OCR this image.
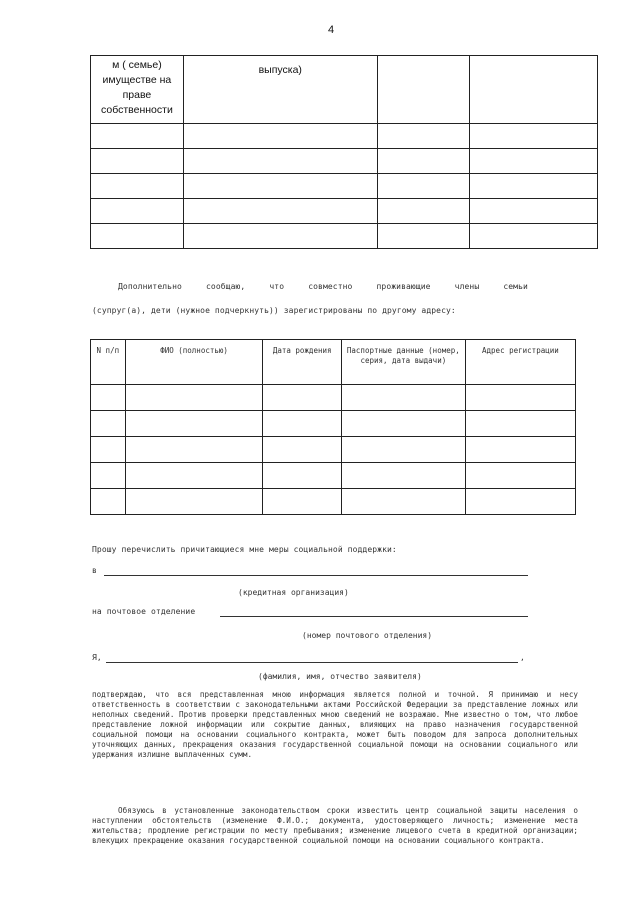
4
м ( семье) имуществе на праве собственности	выпуска)		

Дополнительно	сообщаю,	что	совместно	проживающие	члены	семьи
(супруг(а), дети (нужное подчеркнуть)) зарегистрированы по другому адресу:
N п/п	ФИО (полностью)	Дата рождения	Паспортные данные (номер, серия, дата выдачи)	Адрес регистрации

Прошу перечислить причитающиеся мне меры социальной поддержки:
в
(кредитная организация)
на почтовое отделение
(номер почтового отделения)
Я,	,
(фамилия, имя, отчество заявителя)
подтверждаю, что вся представленная мною информация является полной и точной. Я принимаю и несу ответственность в соответствии с законодательными актами Российской Федерации за представление ложных или неполных сведений. Против проверки представленных мною сведений не возражаю. Мне известно о том, что любое представление ложной информации или сокрытие данных, влияющих на право назначения государственной социальной помощи на основании социального контракта, может быть поводом для запроса дополнительных уточняющих данных, прекращения оказания государственной социальной помощи на основании социального или удержания излишне выплаченных сумм.
Обязуюсь в установленные законодательством сроки известить центр социальной защиты населения о наступлении обстоятельств (изменение Ф.И.О.; документа, удостоверяющего личность; изменение места жительства; продление регистрации по месту пребывания; изменение лицевого счета в кредитной организации; влекущих прекращение оказания государственной социальной помощи на основании социального контракта.
